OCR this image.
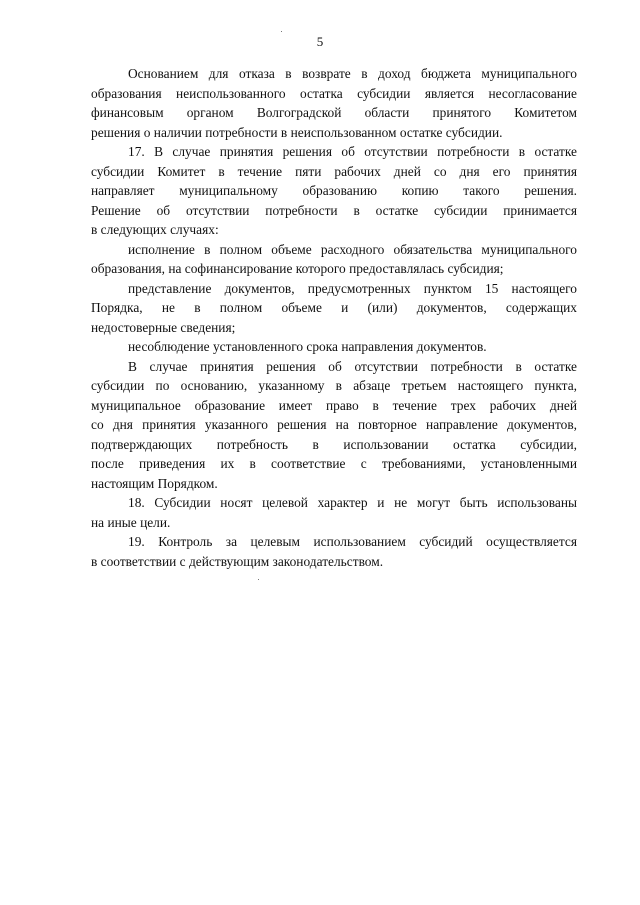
5
Основанием для отказа в возврате в доход бюджета муниципального
образования неиспользованного остатка субсидии является несогласование
финансовым органом Волгоградской области принятого Комитетом
решения о наличии потребности в неиспользованном остатке субсидии.
17. В случае принятия решения об отсутствии потребности в остатке
субсидии Комитет в течение пяти рабочих дней со дня его принятия
направляет муниципальному образованию копию такого решения.
Решение об отсутствии потребности в остатке субсидии принимается
в следующих случаях:
исполнение в полном объеме расходного обязательства муниципального
образования, на софинансирование которого предоставлялась субсидия;
представление документов, предусмотренных пунктом 15 настоящего
Порядка, не в полном объеме и (или) документов, содержащих
недостоверные сведения;
несоблюдение установленного срока направления документов.
В случае принятия решения об отсутствии потребности в остатке
субсидии по основанию, указанному в абзаце третьем настоящего пункта,
муниципальное образование имеет право в течение трех рабочих дней
со дня принятия указанного решения на повторное направление документов,
подтверждающих потребность в использовании остатка субсидии,
после приведения их в соответствие с требованиями, установленными
настоящим Порядком.
18. Субсидии носят целевой характер и не могут быть использованы
на иные цели.
19. Контроль за целевым использованием субсидий осуществляется
в соответствии с действующим законодательством.
